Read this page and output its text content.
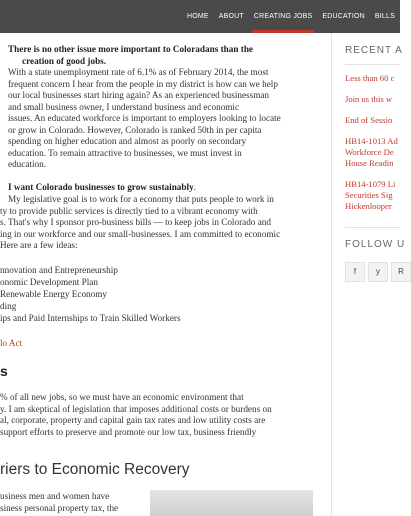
HOME	ABOUT	CREATING JOBS	EDUCATION	BILLS
There is no other issue more important to Coloradans than the
creation of good jobs.
With a state unemployment rate of 6.1% as of February 2014, the most
frequent concern I hear from the people in my district is how can we help
our local businesses start hiring again? As an experienced businessman
and small business owner, I understand business and economic
issues. An educated workforce is important to employers looking to locate
or grow in Colorado. However, Colorado is ranked 50th in per capita
spending on higher education and almost as poorly on secondary
education. To remain attractive to businesses, we must invest in
education.
I want Colorado businesses to grow sustainably.
My legislative goal is to work for a economy that puts people to work in
ty to provide public services is directly tied to a vibrant economy with
s. That's why I sponsor pro-business bills — to keep jobs in Colorado and
ing in our workforce and our small-businesses. I am committed to economic
Here are a few ideas:
nnovation and Entrepreneurship
onomic Development Plan
Renewable Energy Economy
ding
ips and Paid Internships to Train Skilled Workers
lo Act
s
% of all new jobs, so we must have an economic environment that
y. I am skeptical of legislation that imposes additional costs or burdens on
al, corporate, property and capital gain tax rates and low utility costs are
support efforts to preserve and promote our low tax, business friendly
riers to Economic Recovery
usiness men and women have
siness personal property tax, the
RECENT A
Less than 60 c
Join us this w
End of Sessio
HB14-1013 Ad
Workforce De
House Readin
HB14-1079 Li
Securities Sig
Hickenlooper
FOLLOW U
f	y	R
